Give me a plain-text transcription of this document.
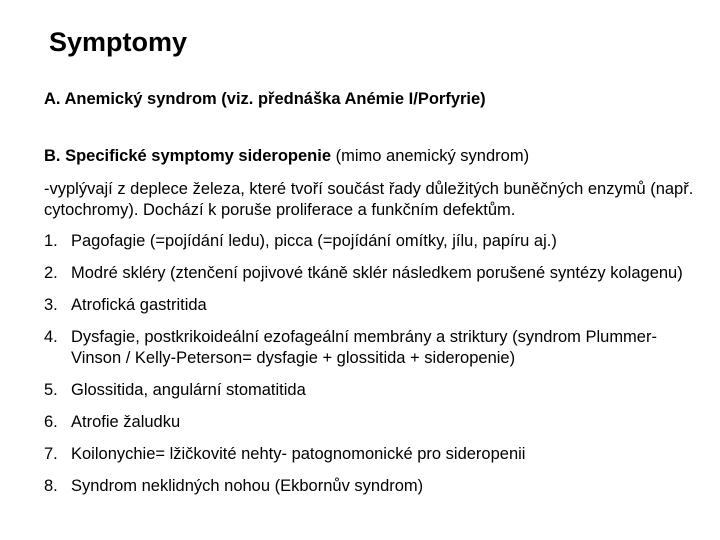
Symptomy
A. Anemický syndrom (viz. přednáška Anémie I/Porfyrie)
B. Specifické symptomy sideropenie (mimo anemický syndrom)
-vyplývají z deplece železa, které tvoří součást řady důležitých buněčných enzymů (např. cytochromy). Dochází k poruše proliferace a funkčním defektům.
1. Pagofagie (=pojídání ledu), picca (=pojídání omítky, jílu, papíru aj.)
2. Modré skléry (ztenčení pojivové tkáně sklér následkem porušené syntézy kolagenu)
3. Atrofická gastritida
4. Dysfagie, postkrikoideální ezofageální membrány a striktury (syndrom Plummer-Vinson / Kelly-Peterson= dysfagie + glossitida + sideropenie)
5. Glossitida, angulární stomatitida
6. Atrofie žaludku
7. Koilonychie= lžičkovité nehty- patognomonické pro sideropenii
8. Syndrom neklidných nohou (Ekbornův syndrom)
